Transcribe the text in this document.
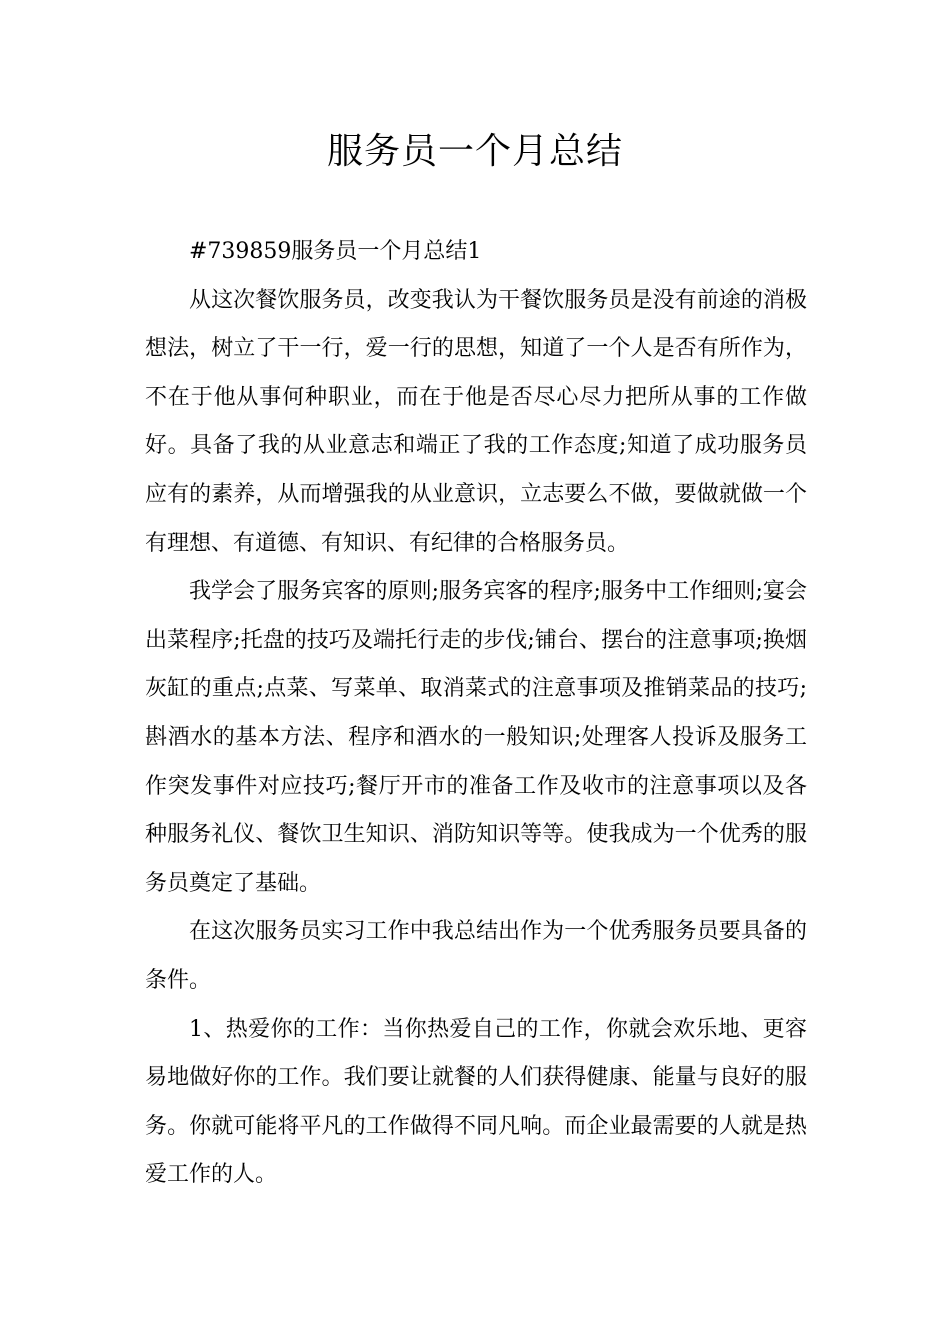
服务员一个月总结

#739859服务员一个月总结1

从这次餐饮服务员，改变我认为干餐饮服务员是没有前途的消极想法，树立了干一行，爱一行的思想，知道了一个人是否有所作为，不在于他从事何种职业，而在于他是否尽心尽力把所从事的工作做好。具备了我的从业意志和端正了我的工作态度;知道了成功服务员应有的素养，从而增强我的从业意识，立志要么不做，要做就做一个有理想、有道德、有知识、有纪律的合格服务员。

我学会了服务宾客的原则;服务宾客的程序;服务中工作细则;宴会出菜程序;托盘的技巧及端托行走的步伐;铺台、摆台的注意事项;换烟灰缸的重点;点菜、写菜单、取消菜式的注意事项及推销菜品的技巧;斟酒水的基本方法、程序和酒水的一般知识;处理客人投诉及服务工作突发事件对应技巧;餐厅开市的准备工作及收市的注意事项以及各种服务礼仪、餐饮卫生知识、消防知识等等。使我成为一个优秀的服务员奠定了基础。

在这次服务员实习工作中我总结出作为一个优秀服务员要具备的条件。

1、热爱你的工作：当你热爱自己的工作，你就会欢乐地、更容易地做好你的工作。我们要让就餐的人们获得健康、能量与良好的服务。你就可能将平凡的工作做得不同凡响。而企业最需要的人就是热爱工作的人。
